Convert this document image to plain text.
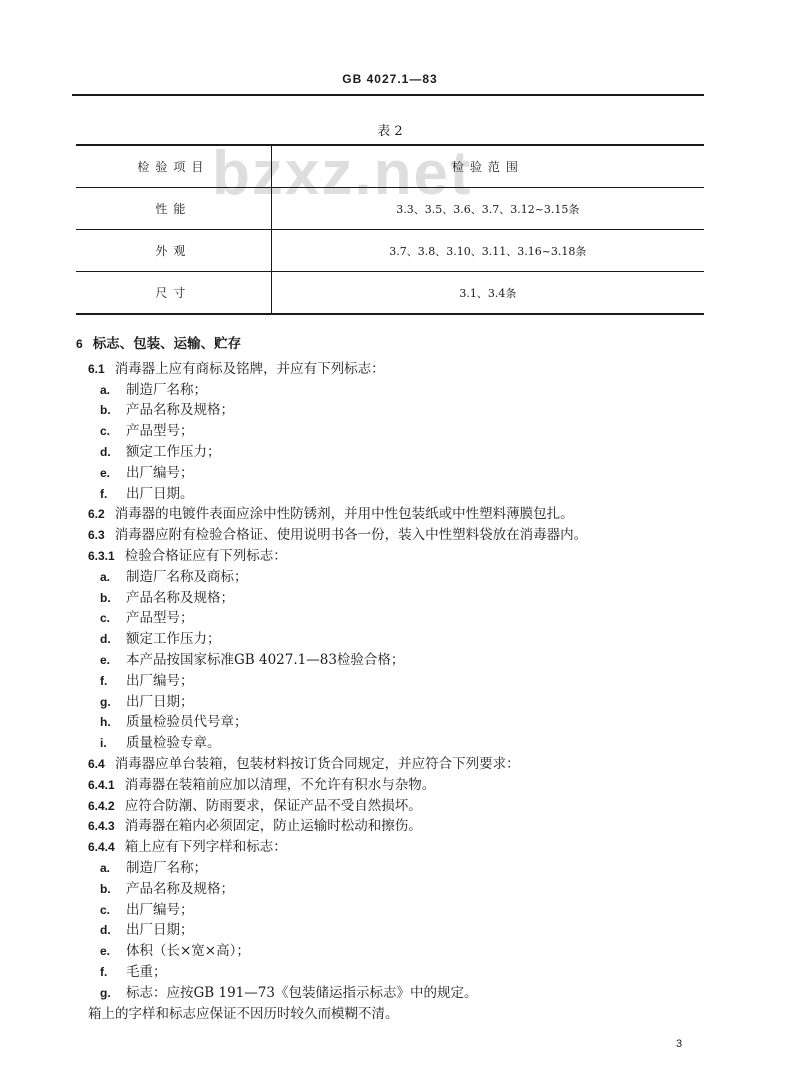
GB 4027.1—83
bzxz.net
表 2
检验项目	检验范围
性能	3.3、3.5、3.6、3.7、3.12~3.15条
外观	3.7、3.8、3.10、3.11、3.16~3.18条
尺寸	3.1、3.4条
6 标志、包装、运输、贮存
6.1 消毒器上应有商标及铭牌，并应有下列标志：
a. 制造厂名称；
b. 产品名称及规格；
c. 产品型号；
d. 额定工作压力；
e. 出厂编号；
f. 出厂日期。
6.2 消毒器的电镀件表面应涂中性防锈剂，并用中性包装纸或中性塑料薄膜包扎。
6.3 消毒器应附有检验合格证、使用说明书各一份，装入中性塑料袋放在消毒器内。
6.3.1 检验合格证应有下列标志：
a. 制造厂名称及商标；
b. 产品名称及规格；
c. 产品型号；
d. 额定工作压力；
e. 本产品按国家标准GB 4027.1—83检验合格；
f. 出厂编号；
g. 出厂日期；
h. 质量检验员代号章；
i. 质量检验专章。
6.4 消毒器应单台装箱，包装材料按订货合同规定，并应符合下列要求：
6.4.1 消毒器在装箱前应加以清理，不允许有积水与杂物。
6.4.2 应符合防潮、防雨要求，保证产品不受自然损坏。
6.4.3 消毒器在箱内必须固定，防止运输时松动和擦伤。
6.4.4 箱上应有下列字样和标志：
a. 制造厂名称；
b. 产品名称及规格；
c. 出厂编号；
d. 出厂日期；
e. 体积（长×宽×高）；
f. 毛重；
g. 标志：应按GB 191—73《包装储运指示标志》中的规定。
箱上的字样和标志应保证不因历时较久而模糊不清。
3
